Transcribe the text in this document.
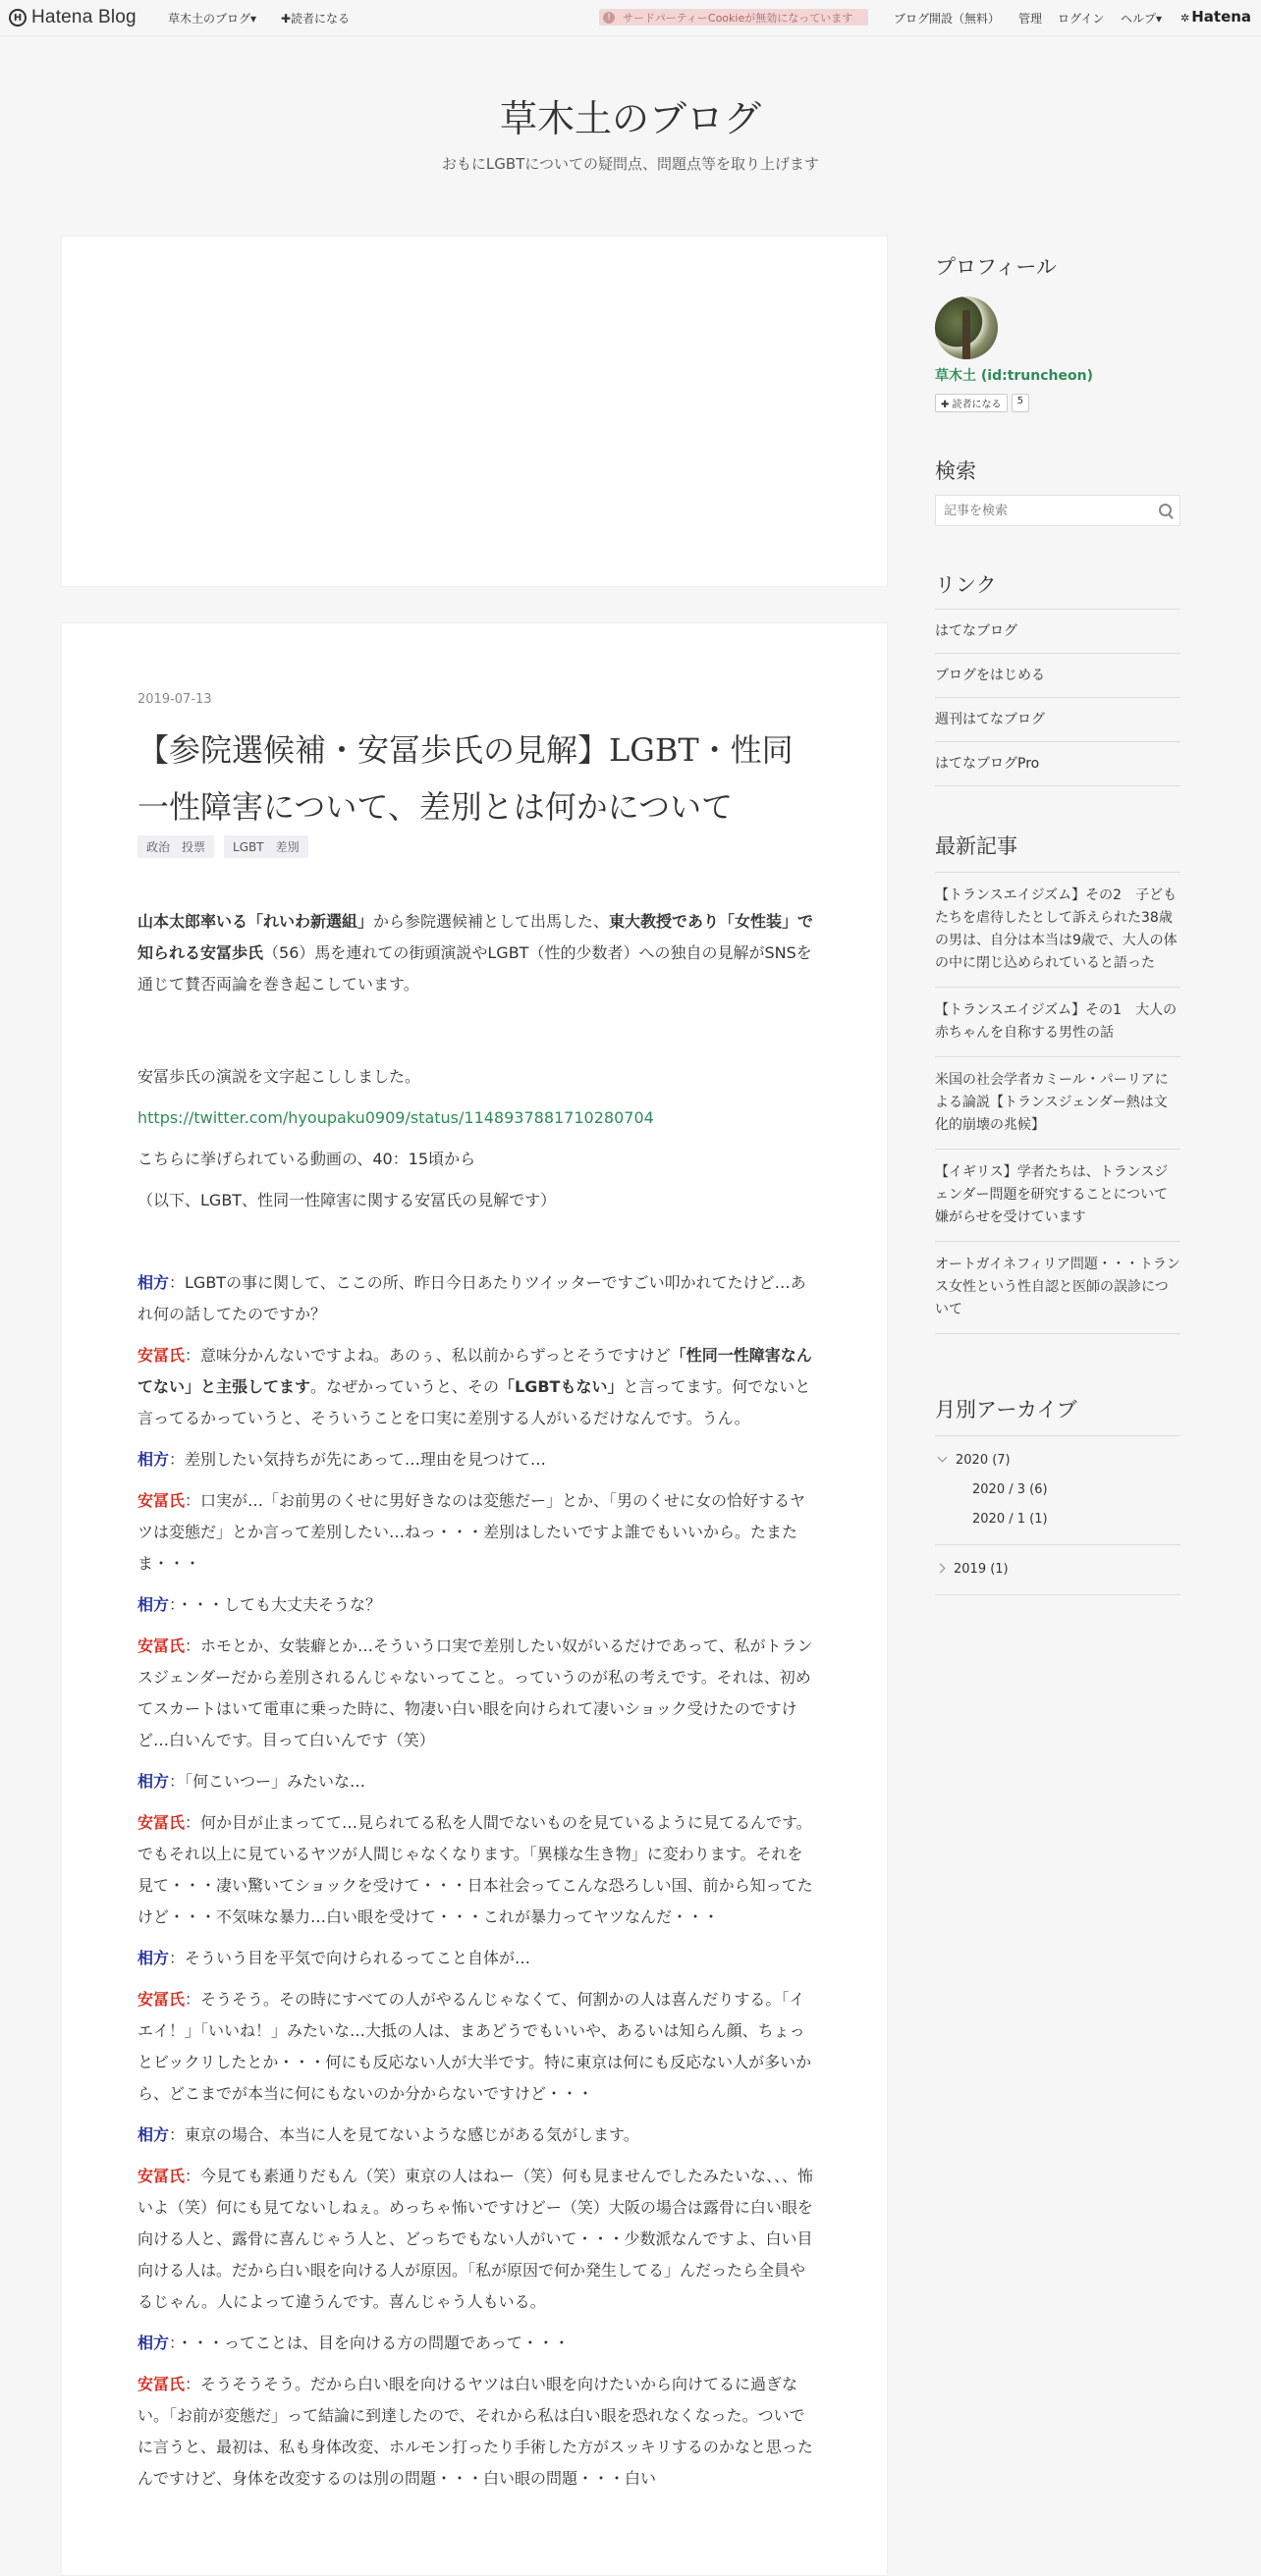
H Hatena Blog	草木土のブログ▾ ✚読者になる	!	サードパーティーCookieが無効になっています	ブログ開設（無料） 管理 ログイン ヘルプ▾ ✲ Hatena
草木土のブログ
おもにLGBTについての疑問点、問題点等を取り上げます
2019-07-13
【参院選候補・安冨歩氏の見解】LGBT・性同一性障害について、差別とは何かについて
政治　投票	LGBT　差別

山本太郎率いる「れいわ新選組」から参院選候補として出馬した、東大教授であり「女性装」で知られる安冨歩氏（56）馬を連れての街頭演説やLGBT（性的少数者）への独自の見解がSNSを通じて賛否両論を巻き起こしています。

安冨歩氏の演説を文字起こししました。

https://twitter.com/hyoupaku0909/status/1148937881710280704

こちらに挙げられている動画の、40：15頃から

（以下、LGBT、性同一性障害に関する安冨氏の見解です）

相方：LGBTの事に関して、ここの所、昨日今日あたりツイッターですごい叩かれてたけど…あれ何の話してたのですか？

安冨氏：意味分かんないですよね。あのぅ、私以前からずっとそうですけど「性同一性障害なんてない」と主張してます。なぜかっていうと、その「LGBTもない」と言ってます。何でないと言ってるかっていうと、そういうことを口実に差別する人がいるだけなんです。うん。

相方：差別したい気持ちが先にあって…理由を見つけて…

安冨氏：口実が…「お前男のくせに男好きなのは変態だー」とか、「男のくせに女の恰好するヤツは変態だ」とか言って差別したい…ねっ・・・差別はしたいですよ誰でもいいから。たまたま・・・

相方：・・・しても大丈夫そうな？

安冨氏：ホモとか、女装癖とか…そういう口実で差別したい奴がいるだけであって、私がトランスジェンダーだから差別されるんじゃないってこと。っていうのが私の考えです。それは、初めてスカートはいて電車に乗った時に、物凄い白い眼を向けられて凄いショック受けたのですけど…白いんです。目って白いんです（笑）

相方：「何こいつー」みたいな…

安冨氏：何か目が止まってて…見られてる私を人間でないものを見ているように見てるんです。でもそれ以上に見ているヤツが人間じゃなくなります。「異様な生き物」に変わります。それを見て・・・凄い驚いてショックを受けて・・・日本社会ってこんな恐ろしい国、前から知ってたけど・・・不気味な暴力…白い眼を受けて・・・これが暴力ってヤツなんだ・・・

相方：そういう目を平気で向けられるってこと自体が…

安冨氏：そうそう。その時にすべての人がやるんじゃなくて、何割かの人は喜んだりする。「イエイ！」「いいね！」みたいな…大抵の人は、まあどうでもいいや、あるいは知らん顔、ちょっとビックリしたとか・・・何にも反応ない人が大半です。特に東京は何にも反応ない人が多いから、どこまでが本当に何にもないのか分からないですけど・・・

相方：東京の場合、本当に人を見てないような感じがある気がします。

安冨氏：今見ても素通りだもん（笑）東京の人はねー（笑）何も見ませんでしたみたいな、、、怖いよ（笑）何にも見てないしねぇ。めっちゃ怖いですけどー（笑）大阪の場合は露骨に白い眼を向ける人と、露骨に喜んじゃう人と、どっちでもない人がいて・・・少数派なんですよ、白い目向ける人は。だから白い眼を向ける人が原因。「私が原因で何か発生してる」んだったら全員やるじゃん。人によって違うんです。喜んじゃう人もいる。

相方：・・・ってことは、目を向ける方の問題であって・・・

安冨氏：そうそうそう。だから白い眼を向けるヤツは白い眼を向けたいから向けてるに過ぎない。「お前が変態だ」って結論に到達したので、それから私は白い眼を恐れなくなった。ついでに言うと、最初は、私も身体改変、ホルモン打ったり手術した方がスッキリするのかなと思ったんですけど、身体を改変するのは別の問題・・・白い眼の問題・・・白い

プロフィール
草木土 (id:truncheon)
✚ 読者になる	5
検索
記事を検索
リンク
はてなブログ
ブログをはじめる
週刊はてなブログ
はてなブログPro
最新記事
【トランスエイジズム】その2　子どもたちを虐待したとして訴えられた38歳の男は、自分は本当は9歳で、大人の体の中に閉じ込められていると語った
【トランスエイジズム】その1　大人の赤ちゃんを自称する男性の話
米国の社会学者カミール・パーリアによる論説【トランスジェンダー熱は文化的崩壊の兆候】
【イギリス】学者たちは、トランスジェンダー問題を研究することについて嫌がらせを受けています
オートガイネフィリア問題・・・トランス女性という性自認と医師の誤診について
月別アーカイブ
2020 (7)
2020 / 3 (6)
2020 / 1 (1)
2019 (1)
